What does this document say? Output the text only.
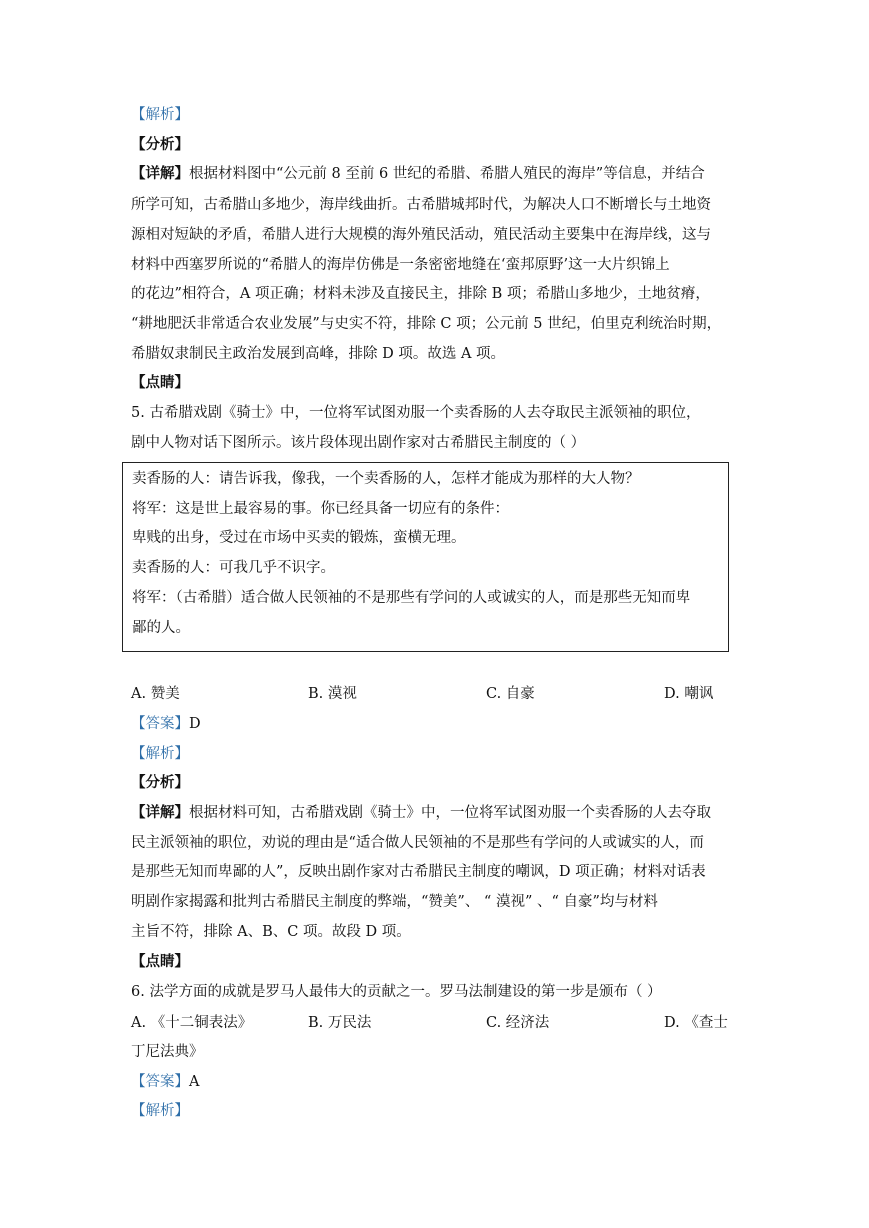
【解析】
【分析】
【详解】根据材料图中“公元前 8 至前 6 世纪的希腊、希腊人殖民的海岸”等信息，并结合
所学可知，古希腊山多地少，海岸线曲折。古希腊城邦时代，为解决人口不断增长与土地资
源相对短缺的矛盾，希腊人进行大规模的海外殖民活动，殖民活动主要集中在海岸线，这与
材料中西塞罗所说的“希腊人的海岸仿佛是一条密密地缝在‘蛮邦原野’这一大片织锦上
的花边”相符合，A 项正确；材料未涉及直接民主，排除 B 项；希腊山多地少，土地贫瘠，
“耕地肥沃非常适合农业发展”与史实不符，排除 C 项；公元前 5 世纪，伯里克利统治时期，
希腊奴隶制民主政治发展到高峰，排除 D 项。故选 A 项。
【点睛】
5. 古希腊戏剧《骑士》中，一位将军试图劝服一个卖香肠的人去夺取民主派领袖的职位，
剧中人物对话下图所示。该片段体现出剧作家对古希腊民主制度的（ ）
卖香肠的人：请告诉我，像我，一个卖香肠的人，怎样才能成为那样的大人物？
将军：这是世上最容易的事。你已经具备一切应有的条件：
卑贱的出身，受过在市场中买卖的锻炼，蛮横无理。
卖香肠的人：可我几乎不识字。
将军：（古希腊）适合做人民领袖的不是那些有学问的人或诚实的人，而是那些无知而卑
鄙的人。
A. 赞美	B. 漠视	C. 自豪	D. 嘲讽
【答案】D
【解析】
【分析】
【详解】根据材料可知，古希腊戏剧《骑士》中，一位将军试图劝服一个卖香肠的人去夺取
民主派领袖的职位，劝说的理由是“适合做人民领袖的不是那些有学问的人或诚实的人，而
是那些无知而卑鄙的人”，反映出剧作家对古希腊民主制度的嘲讽，D 项正确；材料对话表
明剧作家揭露和批判古希腊民主制度的弊端，“赞美”、 “ 漠视” 、“ 自豪”均与材料
主旨不符，排除 A、B、C 项。故段 D 项。
【点睛】
6. 法学方面的成就是罗马人最伟大的贡献之一。罗马法制建设的第一步是颁布（ ）
A. 《十二铜表法》	B. 万民法	C. 经济法	D. 《查士
丁尼法典》
【答案】A
【解析】
